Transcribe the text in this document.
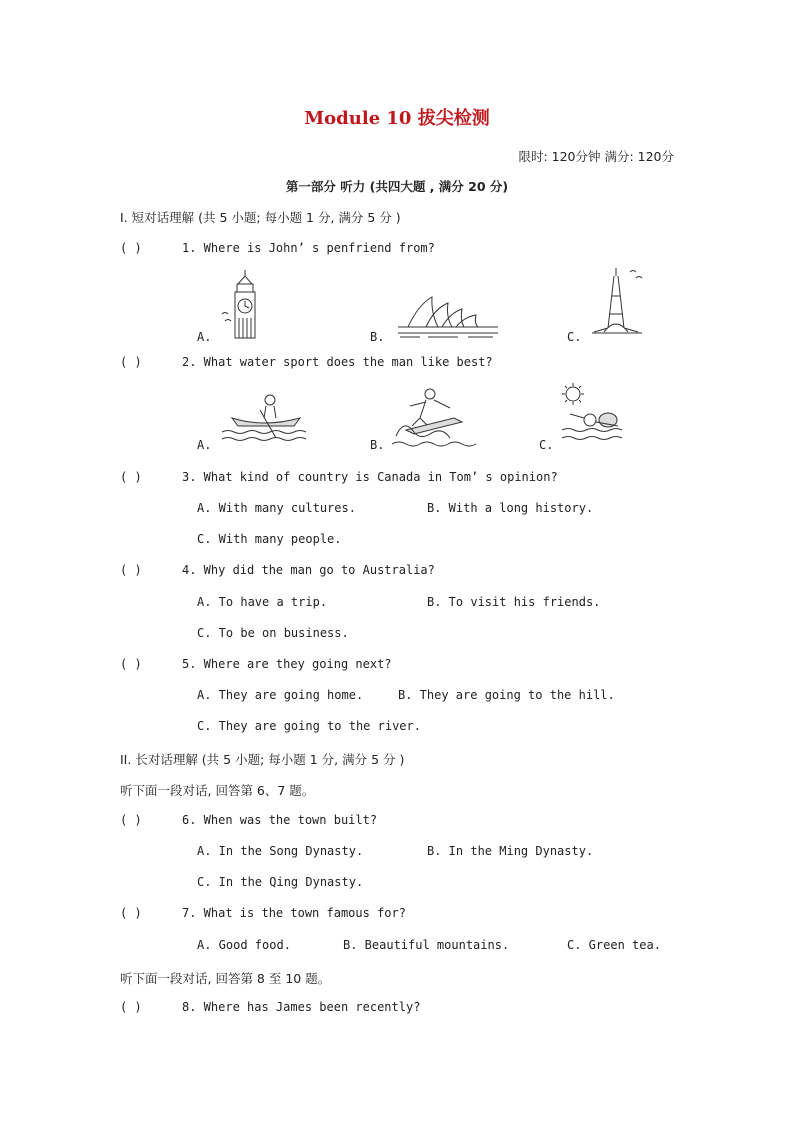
Module 10 拔尖检测
限时: 120分钟 满分: 120分
第一部分 听力 (共四大题 , 满分 20 分)
I. 短对话理解 (共 5 小题; 每小题 1 分, 满分 5 分 )
( )	1. Where is John’ s penfriend from?
A.	B.	C.
( )	2. What water sport does the man like best?
A.	B.	C.
( )	3. What kind of country is Canada in Tom’ s opinion?
A. With many cultures.	B. With a long history.
C. With many people.
( )	4. Why did the man go to Australia?
A. To have a trip.	B. To visit his friends.
C. To be on business.
( )	5. Where are they going next?
A. They are going home.	B. They are going to the hill.
C. They are going to the river.
II. 长对话理解 (共 5 小题; 每小题 1 分, 满分 5 分 )
听下面一段对话, 回答第 6、7 题。
( )	6. When was the town built?
A. In the Song Dynasty.	B. In the Ming Dynasty.
C. In the Qing Dynasty.
( )	7. What is the town famous for?
A. Good food.	B. Beautiful mountains.	C. Green tea.
听下面一段对话, 回答第 8 至 10 题。
( )	8. Where has James been recently?
